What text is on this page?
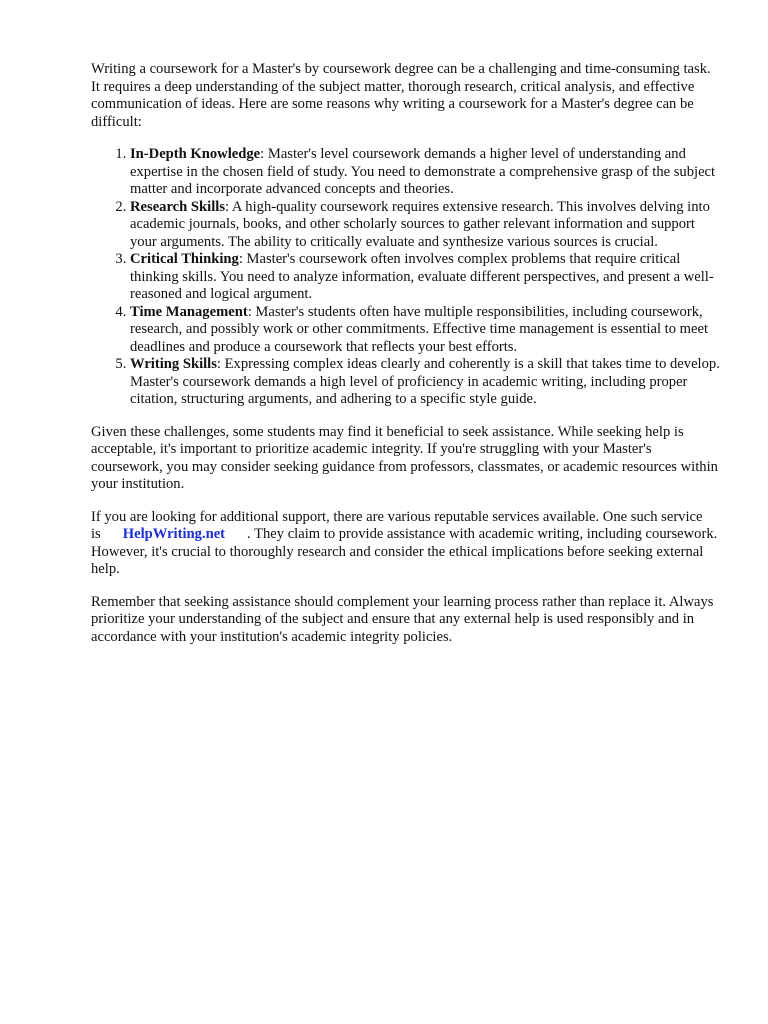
Writing a coursework for a Master's by coursework degree can be a challenging and time-consuming task. It requires a deep understanding of the subject matter, thorough research, critical analysis, and effective communication of ideas. Here are some reasons why writing a coursework for a Master's degree can be difficult:

1. In-Depth Knowledge: Master's level coursework demands a higher level of understanding and expertise in the chosen field of study. You need to demonstrate a comprehensive grasp of the subject matter and incorporate advanced concepts and theories.
2. Research Skills: A high-quality coursework requires extensive research. This involves delving into academic journals, books, and other scholarly sources to gather relevant information and support your arguments. The ability to critically evaluate and synthesize various sources is crucial.
3. Critical Thinking: Master's coursework often involves complex problems that require critical thinking skills. You need to analyze information, evaluate different perspectives, and present a well-reasoned and logical argument.
4. Time Management: Master's students often have multiple responsibilities, including coursework, research, and possibly work or other commitments. Effective time management is essential to meet deadlines and produce a coursework that reflects your best efforts.
5. Writing Skills: Expressing complex ideas clearly and coherently is a skill that takes time to develop. Master's coursework demands a high level of proficiency in academic writing, including proper citation, structuring arguments, and adhering to a specific style guide.

Given these challenges, some students may find it beneficial to seek assistance. While seeking help is acceptable, it's important to prioritize academic integrity. If you're struggling with your Master's coursework, you may consider seeking guidance from professors, classmates, or academic resources within your institution.

If you are looking for additional support, there are various reputable services available. One such service is HelpWriting.net . They claim to provide assistance with academic writing, including coursework. However, it's crucial to thoroughly research and consider the ethical implications before seeking external help.

Remember that seeking assistance should complement your learning process rather than replace it. Always prioritize your understanding of the subject and ensure that any external help is used responsibly and in accordance with your institution's academic integrity policies.
